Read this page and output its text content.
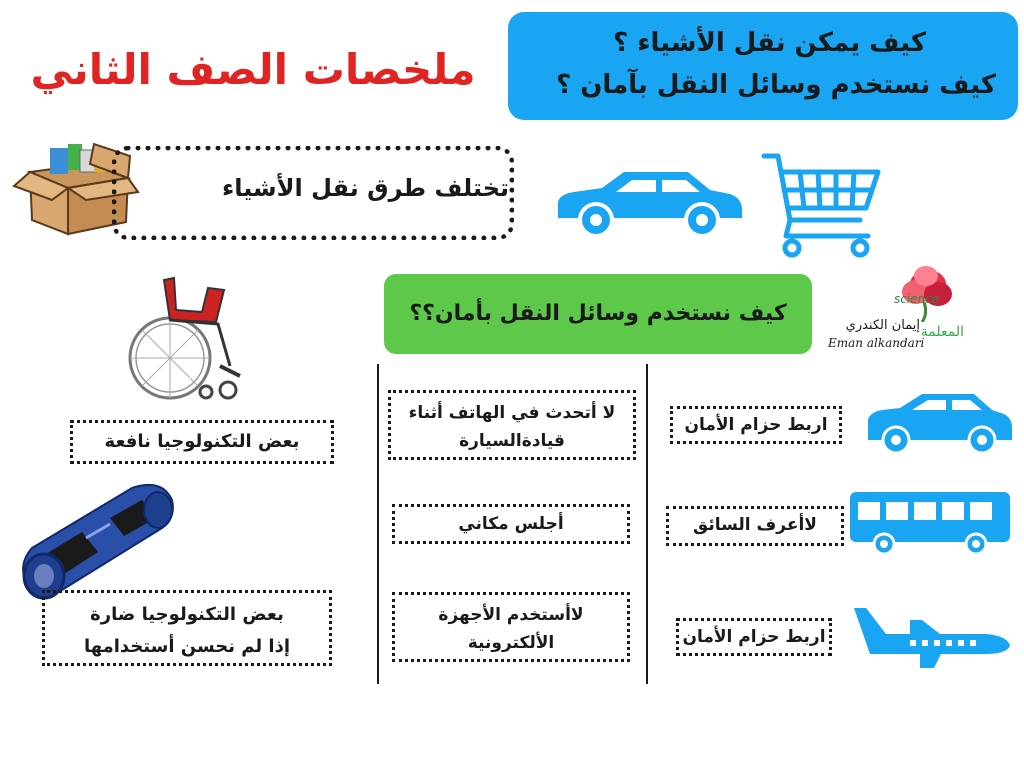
ملخصات الصف الثاني
كيف يمكن نقل الأشياء ؟
كيف نستخدم وسائل النقل بآمان ؟
تختلف طرق نقل الأشياء
science
إيمان الكندري المعلمة
Eman alkandari
كيف نستخدم وسائل النقل بأمان؟؟
اربط حزام الأمان
لاأعرف السائق
اربط حزام الأمان
لا أتحدث في الهاتف أثناء
قيادةالسيارة
أجلس مكاني
لاأستخدم الأجهزة
الألكترونية
بعض التكنولوجيا نافعة
بعض التكنولوجيا ضارة
إذا لم نحسن أستخدامها
